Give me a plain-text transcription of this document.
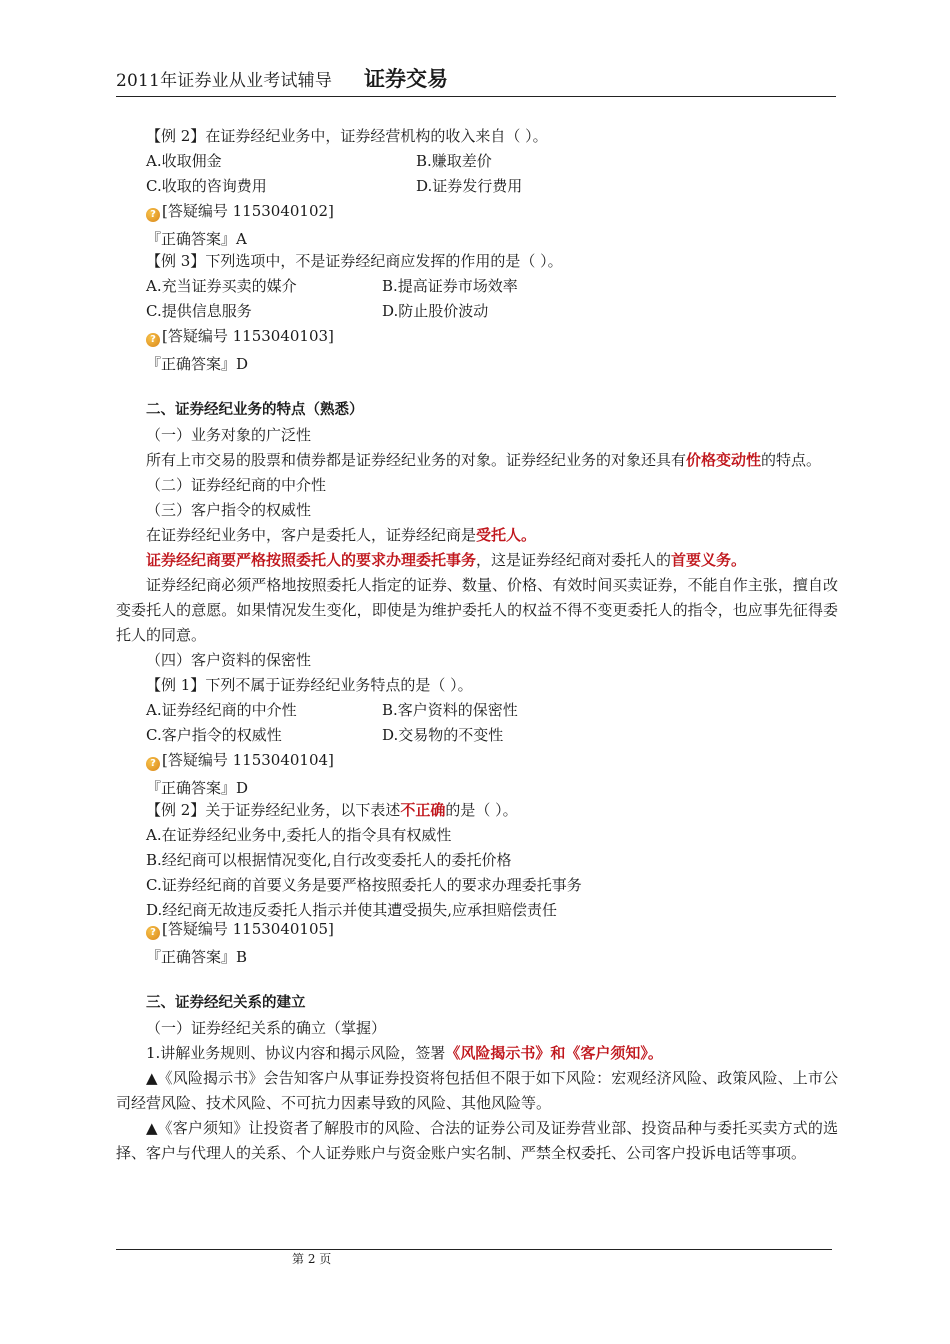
2011年证券业从业考试辅导 证券交易
【例 2】在证券经纪业务中，证券经营机构的收入来自（ ）。
A.收取佣金	B.赚取差价
C.收取的咨询费用	D.证券发行费用
? [答疑编号 1153040102]
『正确答案』A
【例 3】下列选项中，不是证券经纪商应发挥的作用的是（ ）。
A.充当证券买卖的媒介	B.提高证券市场效率
C.提供信息服务	D.防止股价波动
? [答疑编号 1153040103]
『正确答案』D
二、证券经纪业务的特点（熟悉）
（一）业务对象的广泛性
所有上市交易的股票和债券都是证券经纪业务的对象。证券经纪业务的对象还具有价格变动性的特点。
（二）证券经纪商的中介性
（三）客户指令的权威性
在证券经纪业务中，客户是委托人，证券经纪商是受托人。
证券经纪商要严格按照委托人的要求办理委托事务，这是证券经纪商对委托人的首要义务。
证券经纪商必须严格地按照委托人指定的证券、数量、价格、有效时间买卖证券，不能自作主张，擅自改变委托人的意愿。如果情况发生变化，即使是为维护委托人的权益不得不变更委托人的指令，也应事先征得委托人的同意。
（四）客户资料的保密性
【例 1】下列不属于证券经纪业务特点的是（ ）。
A.证券经纪商的中介性	B.客户资料的保密性
C.客户指令的权威性	D.交易物的不变性
? [答疑编号 1153040104]
『正确答案』D
【例 2】关于证券经纪业务，以下表述不正确的是（ ）。
A.在证券经纪业务中,委托人的指令具有权威性
B.经纪商可以根据情况变化,自行改变委托人的委托价格
C.证券经纪商的首要义务是要严格按照委托人的要求办理委托事务
D.经纪商无故违反委托人指示并使其遭受损失,应承担赔偿责任
? [答疑编号 1153040105]
『正确答案』B
三、证券经纪关系的建立
（一）证券经纪关系的确立（掌握）
1.讲解业务规则、协议内容和揭示风险，签署《风险揭示书》和《客户须知》。
▲《风险揭示书》会告知客户从事证券投资将包括但不限于如下风险：宏观经济风险、政策风险、上市公司经营风险、技术风险、不可抗力因素导致的风险、其他风险等。
▲《客户须知》让投资者了解股市的风险、合法的证券公司及证券营业部、投资品种与委托买卖方式的选择、客户与代理人的关系、个人证券账户与资金账户实名制、严禁全权委托、公司客户投诉电话等事项。
第 2 页
